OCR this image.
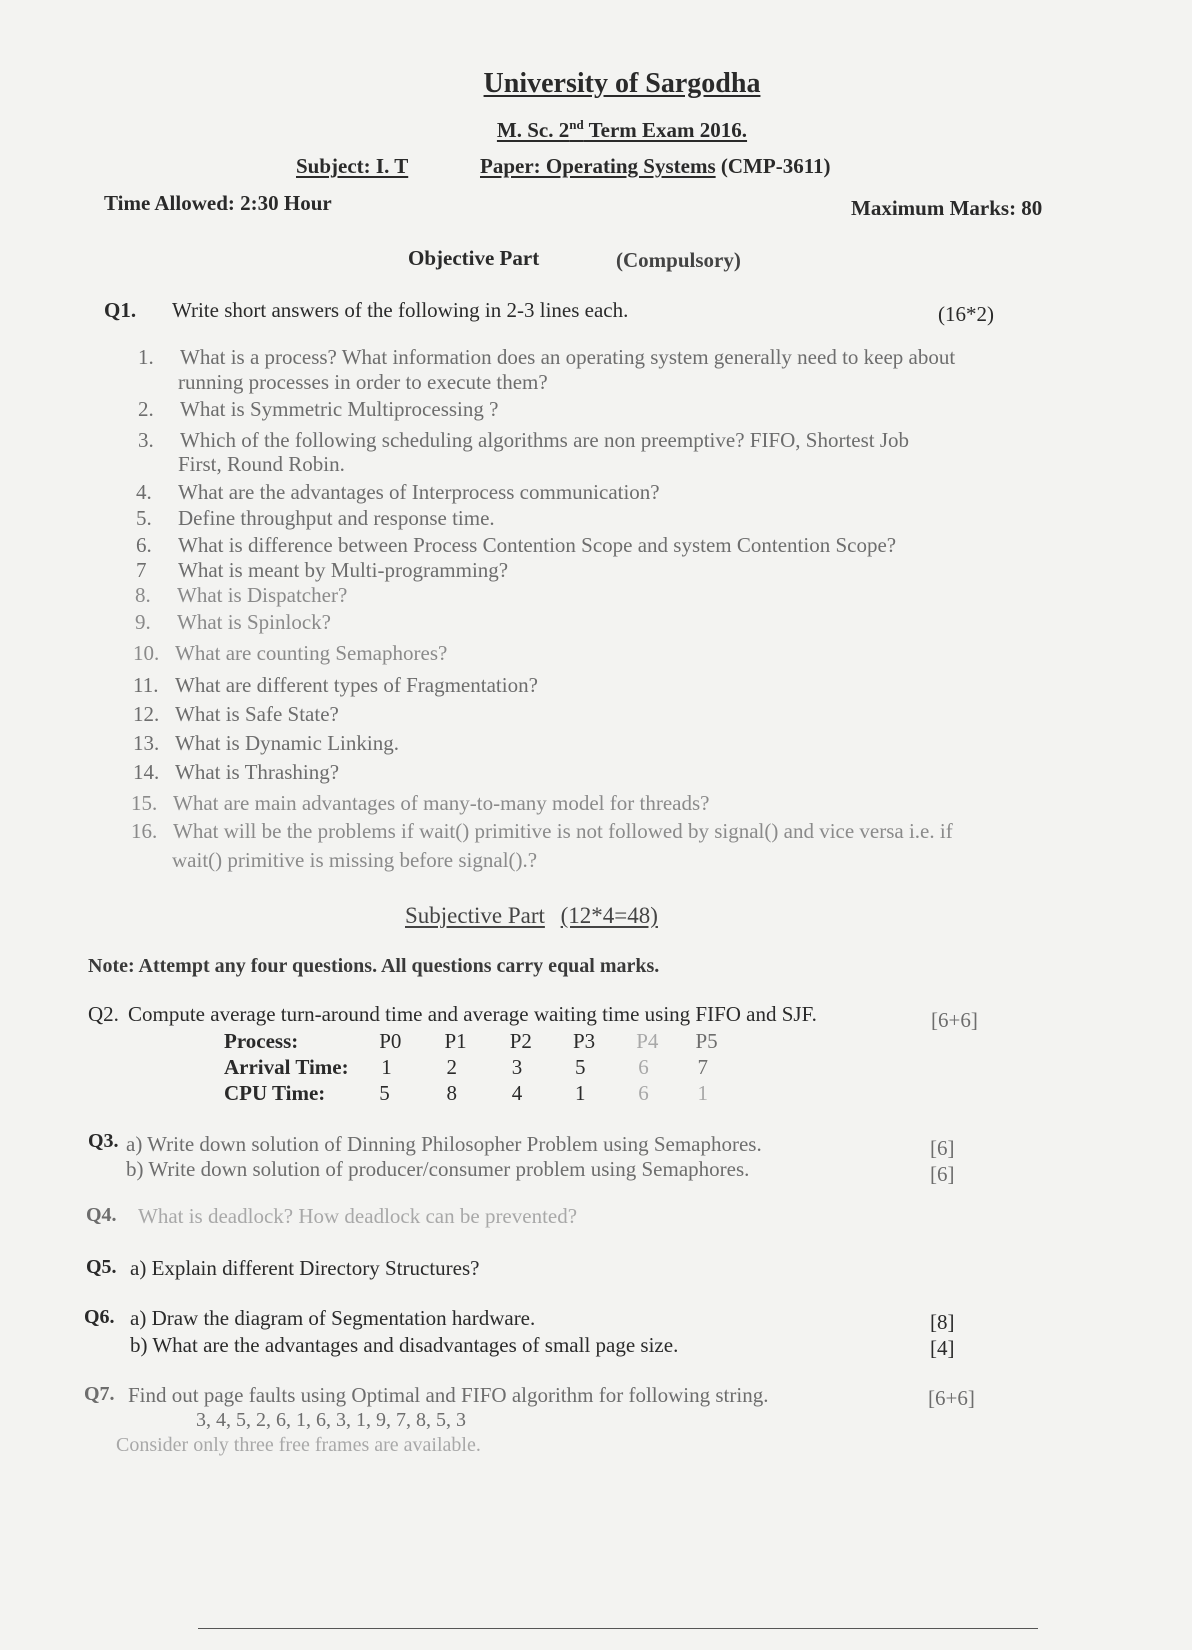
University of Sargodha
M. Sc. 2nd Term Exam 2016.
Subject: I. T	Paper: Operating Systems (CMP-3611)
Time Allowed: 2:30 Hour	Maximum Marks: 80
Objective Part	(Compulsory)
Q1. Write short answers of the following in 2-3 lines each.	(16*2)
1. What is a process? What information does an operating system generally need to keep about
running processes in order to execute them?
2. What is Symmetric Multiprocessing ?
3. Which of the following scheduling algorithms are non preemptive? FIFO, Shortest Job
First, Round Robin.
4. What are the advantages of Interprocess communication?
5. Define throughput and response time.
6. What is difference between Process Contention Scope and system Contention Scope?
7 What is meant by Multi-programming?
8. What is Dispatcher?
9. What is Spinlock?
10. What are counting Semaphores?
11. What are different types of Fragmentation?
12. What is Safe State?
13. What is Dynamic Linking.
14. What is Thrashing?
15. What are main advantages of many-to-many model for threads?
16. What will be the problems if wait() primitive is not followed by signal() and vice versa i.e. if
wait() primitive is missing before signal().?
Subjective Part (12*4=48)
Note: Attempt any four questions. All questions carry equal marks.
Q2. Compute average turn-around time and average waiting time using FIFO and SJF.	[6+6]
Process:	P0 P1 P2 P3 P4 P5
Arrival Time: 1	2	3	5	6 7
CPU Time:	5	8	4	1	6 1
Q3. a) Write down solution of Dinning Philosopher Problem using Semaphores.	[6]
b) Write down solution of producer/consumer problem using Semaphores.	[6]
Q4. What is deadlock? How deadlock can be prevented?
Q5. a) Explain different Directory Structures?
Q6. a) Draw the diagram of Segmentation hardware.	[8]
b) What are the advantages and disadvantages of small page size.	[4]
Q7. Find out page faults using Optimal and FIFO algorithm for following string.	[6+6]
3, 4, 5, 2, 6, 1, 6, 3, 1, 9, 7, 8, 5, 3
Consider only three free frames are available.
